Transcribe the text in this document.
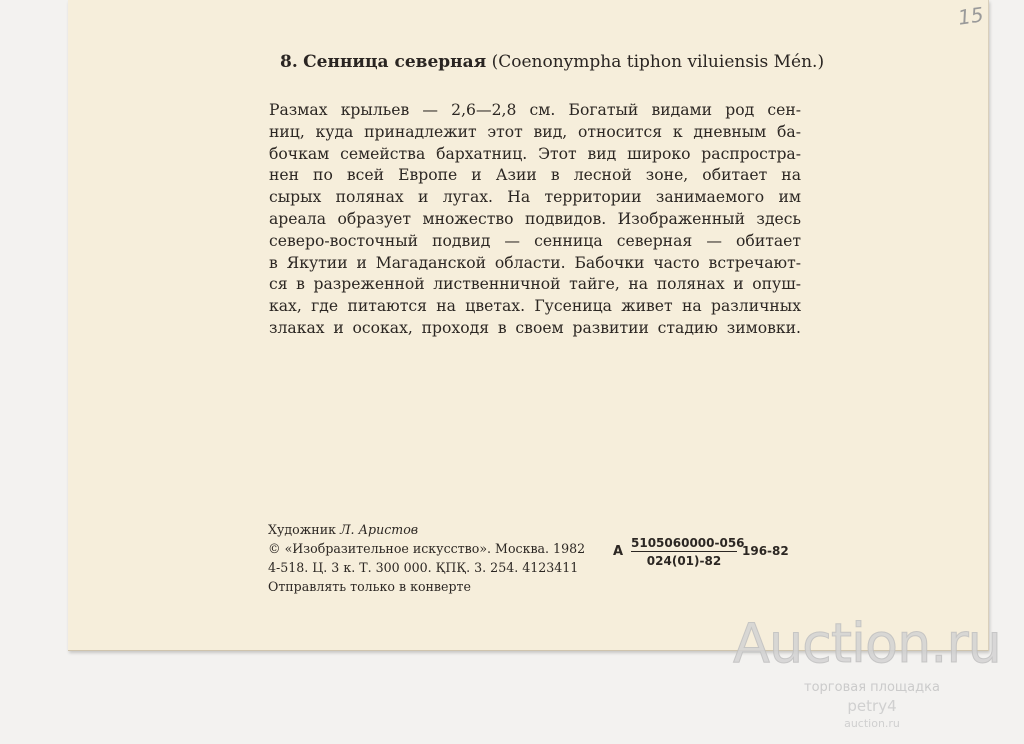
15
8. Сенница северная (Coenonympha tiphon viluiensis Mén.)
Размах крыльев — 2,6—2,8 см. Богатый видами род сен-
ниц, куда принадлежит этот вид, относится к дневным ба-
бочкам семейства бархатниц. Этот вид широко распростра-
нен по всей Европе и Азии в лесной зоне, обитает на
сырых полянах и лугах. На территории занимаемого им
ареала образует множество подвидов. Изображенный здесь
северо-восточный подвид — сенница северная — обитает
в Якутии и Магаданской области. Бабочки часто встречают-
ся в разреженной лиственничной тайге, на полянах и опуш-
ках, где питаются на цветах. Гусеница живет на различных
злаках и осоках, проходя в своем развитии стадию зимовки.
Художник Л. Аристов
© «Изобразительное искусство». Москва. 1982
4-518. Ц. 3 к. Т. 300 000. ҚПҚ. 3. 254. 4123411
Отправлять только в конверте
А $\frac{5105060000-056}{024(01)-82} 196-82$
Auction.ru
торговая площадка
petry4
auction.ru
